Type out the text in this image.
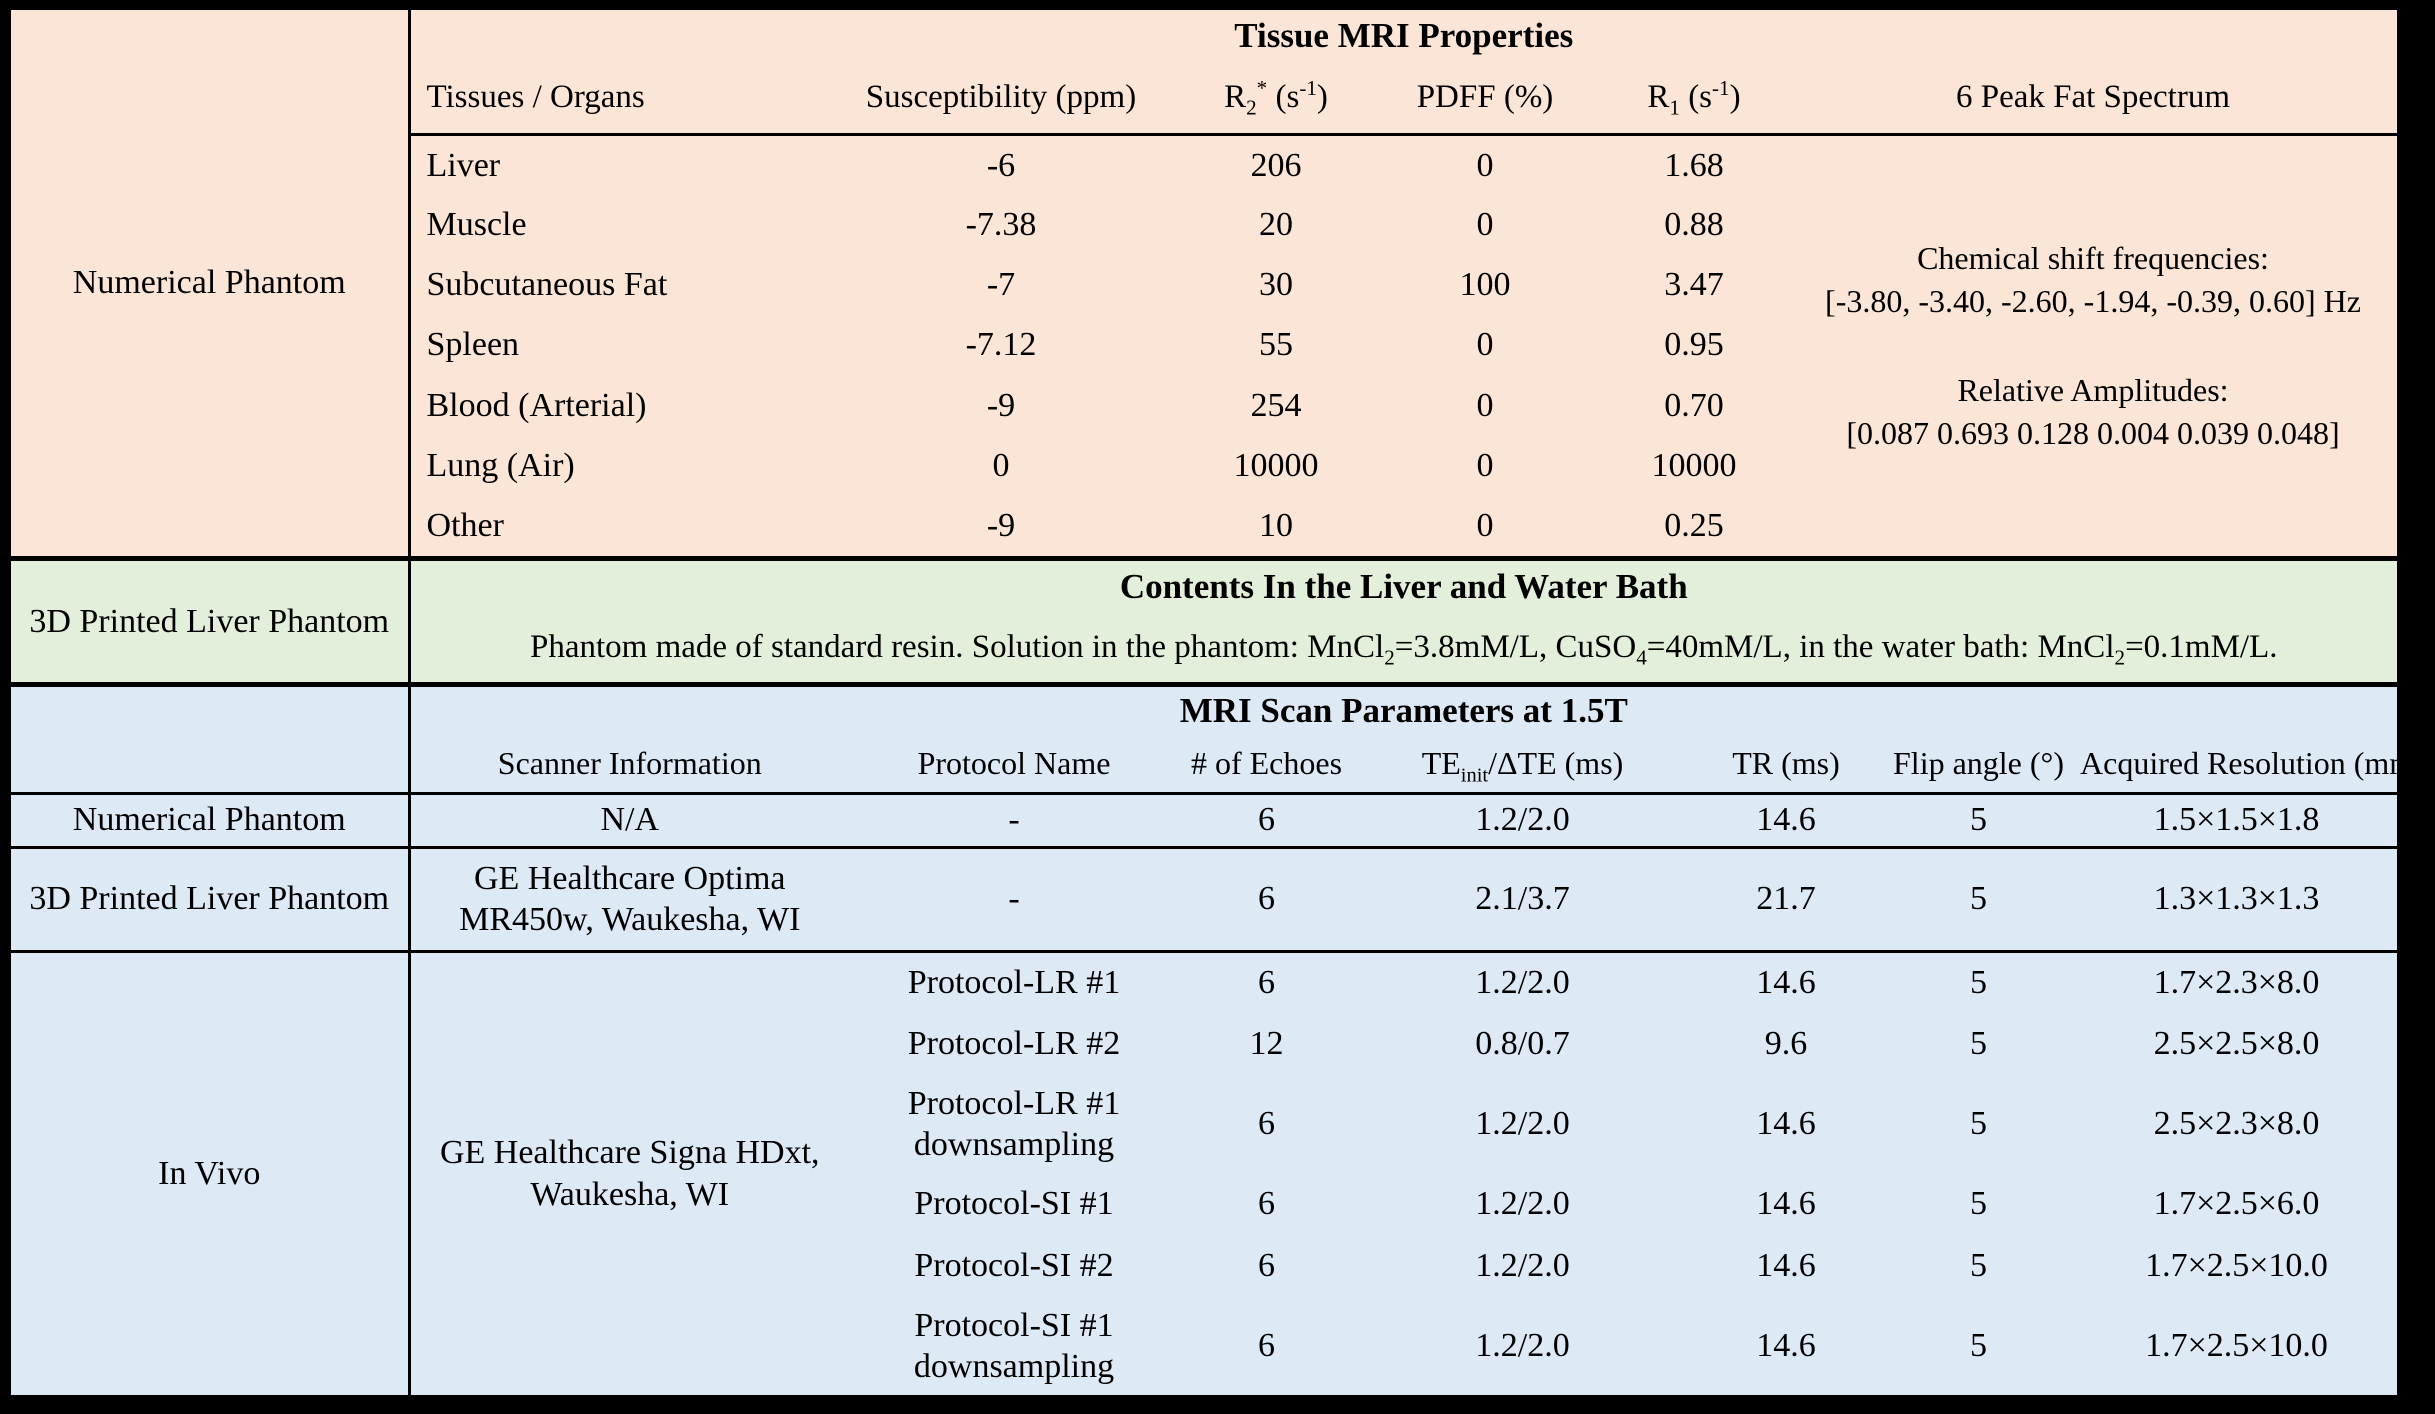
Numerical Phantom	Tissue MRI Properties					
	Tissues / Organs	Susceptibility (ppm)	$R_2^*$ $(s^{-1})$	PDFF (%)	$R_1$ $(s^{-1})$	6 Peak Fat Spectrum
	Liver	-6	206	0	1.68	Chemical shift frequencies:
[-3.80, -3.40, -2.60, -1.94, -0.39, 0.60] Hz
Relative Amplitudes:
[0.087 0.693 0.128 0.004 0.039 0.048]

	Muscle	-7.38	20	0	0.88	
	Subcutaneous Fat	-7	30	100	3.47	
	Spleen	-7.12	55	0	0.95	
	Blood (Arterial)	-9	254	0	0.70	
	Lung (Air)	0	10000	0	10000	
	Other	-9	10	0	0.25	
3D Printed Liver Phantom	Contents In the Liver and Water Bath
Phantom made of standard resin. Solution in the phantom: MnCl$_2$=3.8mM/L, CuSO$_4$=40mM/L, in the water bath: MnCl$_2$=0.1mM/L.
	MRI Scan Parameters at 1.5T						
	Scanner Information	Protocol Name	# of Echoes	$TE_{init}$/ΔTE (ms)	TR (ms)	Flip angle (°)	Acquired Resolution $(mm^3)$
Numerical Phantom	N/A	-	6	1.2/2.0	14.6	5	1.5×1.5×1.8
3D Printed Liver Phantom	GE Healthcare Optima MR450w, Waukesha, WI	-	6	2.1/3.7	21.7	5	1.3×1.3×1.3
In Vivo	GE Healthcare Signa HDxt, Waukesha, WI	Protocol-LR #1	6	1.2/2.0	14.6	5	1.7×2.3×8.0
		Protocol-LR #2	12	0.8/0.7	9.6	5	2.5×2.5×8.0
		Protocol-LR #1 downsampling	6	1.2/2.0	14.6	5	2.5×2.3×8.0
		Protocol-SI #1	6	1.2/2.0	14.6	5	1.7×2.5×6.0
		Protocol-SI #2	6	1.2/2.0	14.6	5	1.7×2.5×10.0
		Protocol-SI #1 downsampling	6	1.2/2.0	14.6	5	1.7×2.5×10.0
